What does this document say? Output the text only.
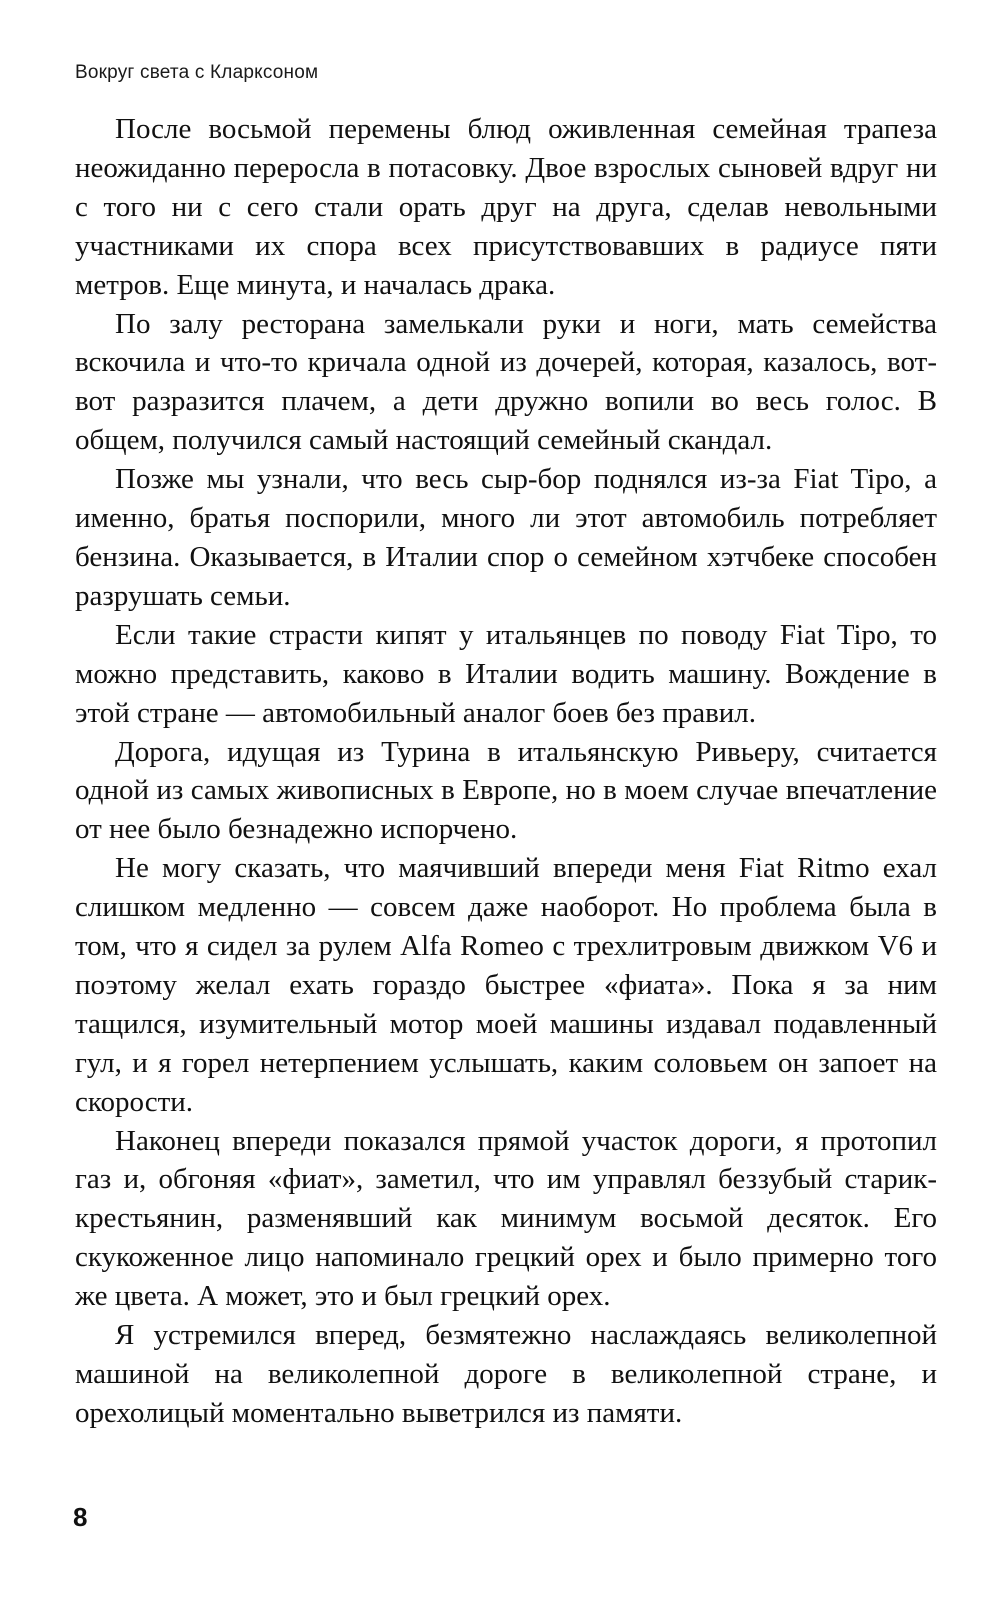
Вокруг света с Кларксоном

После восьмой перемены блюд оживленная семейная трапеза неожиданно переросла в потасовку. Двое взрослых сыновей вдруг ни с того ни с сего стали орать друг на друга, сделав невольными участниками их спора всех присутствовавших в радиусе пяти метров. Еще минута, и началась драка.

По залу ресторана замелькали руки и ноги, мать семейства вскочила и что-то кричала одной из дочерей, которая, казалось, вот-вот разразится плачем, а дети дружно вопили во весь голос. В общем, получился самый настоящий семейный скандал.

Позже мы узнали, что весь сыр-бор поднялся из-за Fiat Tipo, а именно, братья поспорили, много ли этот автомобиль потребляет бензина. Оказывается, в Италии спор о семейном хэтчбеке способен разрушать семьи.

Если такие страсти кипят у итальянцев по поводу Fiat Tipo, то можно представить, каково в Италии водить машину. Вождение в этой стране — автомобильный аналог боев без правил.

Дорога, идущая из Турина в итальянскую Ривьеру, считается одной из самых живописных в Европе, но в моем случае впечатление от нее было безнадежно испорчено.

Не могу сказать, что маячивший впереди меня Fiat Ritmo ехал слишком медленно — совсем даже наоборот. Но проблема была в том, что я сидел за рулем Alfa Romeo с трехлитровым движком V6 и поэтому желал ехать гораздо быстрее «фиата». Пока я за ним тащился, изумительный мотор моей машины издавал подавленный гул, и я горел нетерпением услышать, каким соловьем он запоет на скорости.

Наконец впереди показался прямой участок дороги, я протопил газ и, обгоняя «фиат», заметил, что им управлял беззубый старик-крестьянин, разменявший как минимум восьмой десяток. Его скукоженное лицо напоминало грецкий орех и было примерно того же цвета. А может, это и был грецкий орех.

Я устремился вперед, безмятежно наслаждаясь великолепной машиной на великолепной дороге в великолепной стране, и орехолицый моментально выветрился из памяти.

8
